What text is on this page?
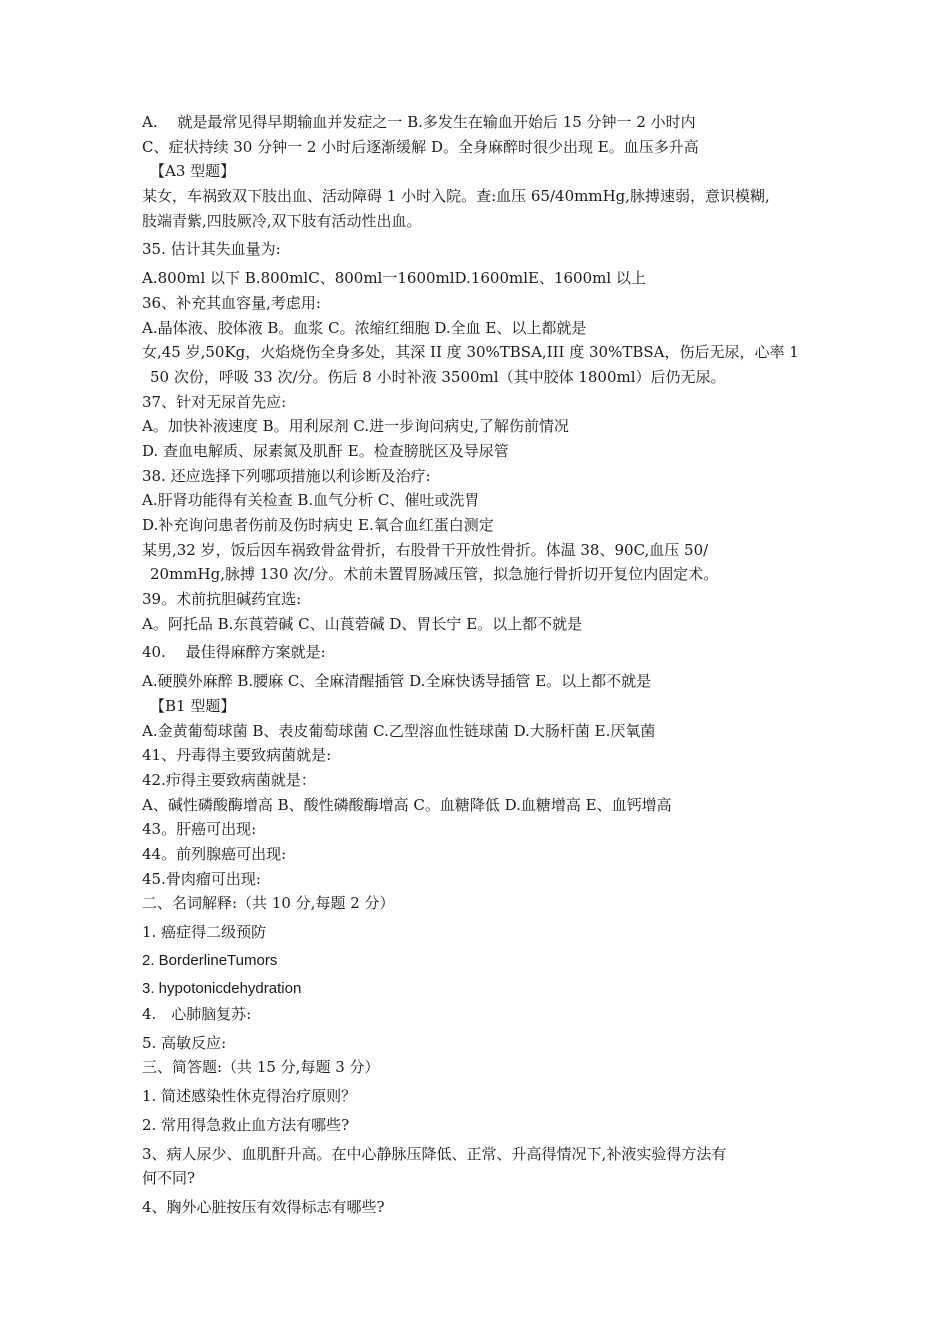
A.　 就是最常见得早期输血并发症之一 B.多发生在输血开始后 15 分钟一 2 小时内
C、症状持续 30 分钟一 2 小时后逐渐缓解 D。全身麻醉时很少出现 E。血压多升高
【A3 型题】
某女，车祸致双下肢出血、活动障碍 1 小时入院。查:血压 65/40mmHg,脉搏速弱，意识模糊,
肢端青紫,四肢厥冷,双下肢有活动性出血。
35. 估计其失血量为:
A.800ml 以下 B.800mlC、800ml一1600mlD.1600mlE、1600ml 以上
36、补充其血容量,考虑用:
A.晶体液、胶体液 B。血浆 C。浓缩红细胞 D.全血 E、以上都就是
女,45 岁,50Kg，火焰烧伤全身多处，其深 II 度 30%TBSA,III 度 30%TBSA，伤后无尿，心率 1
50 次份，呼吸 33 次/分。伤后 8 小时补液 3500ml（其中胶体 1800ml）后仍无尿。
37、针对无尿首先应:
A。加快补液速度 B。用利尿剂 C.进一步询问病史,了解伤前情况
D. 查血电解质、尿素氮及肌酐 E。检查膀胱区及导尿管
38. 还应选择下列哪项措施以利诊断及治疗:
A.肝肾功能得有关检查 B.血气分析 C、催吐或洗胃
D.补充询问患者伤前及伤时病史 E.氧合血红蛋白测定
某男,32 岁，饭后因车祸致骨盆骨折，右股骨干开放性骨折。体温 38、90C,血压 50/
20mmHg,脉搏 130 次/分。术前未置胃肠减压管，拟急施行骨折切开复位内固定术。
39。术前抗胆碱药宜选:
A。阿托品 B.东莨菪碱 C、山莨菪碱 D、胃长宁 E。以上都不就是
40.　 最佳得麻醉方案就是:
A.硬膜外麻醉 B.腰麻 C、全麻清醒插管 D.全麻快诱导插管 E。以上都不就是
【B1 型题】
A.金黄葡萄球菌 B、表皮葡萄球菌 C.乙型溶血性链球菌 D.大肠杆菌 E.厌氧菌
41、丹毒得主要致病菌就是:
42.疖得主要致病菌就是：
A、碱性磷酸酶增高 B、酸性磷酸酶增高 C。血糖降低 D.血糖增高 E、血钙增高
43。肝癌可出现:
44。前列腺癌可出现:
45.骨肉瘤可出现:
二、名词解释:（共 10 分,每题 2 分）
1. 癌症得二级预防
2. BorderlineTumors
3. hypotonicdehydration
4.　心肺脑复苏:
5. 高敏反应:
三、简答题:（共 15 分,每题 3 分）
1. 简述感染性休克得治疗原则？
2. 常用得急救止血方法有哪些?
3、病人尿少、血肌酐升高。在中心静脉压降低、正常、升高得情况下,补液实验得方法有
何不同?
4、胸外心脏按压有效得标志有哪些?
